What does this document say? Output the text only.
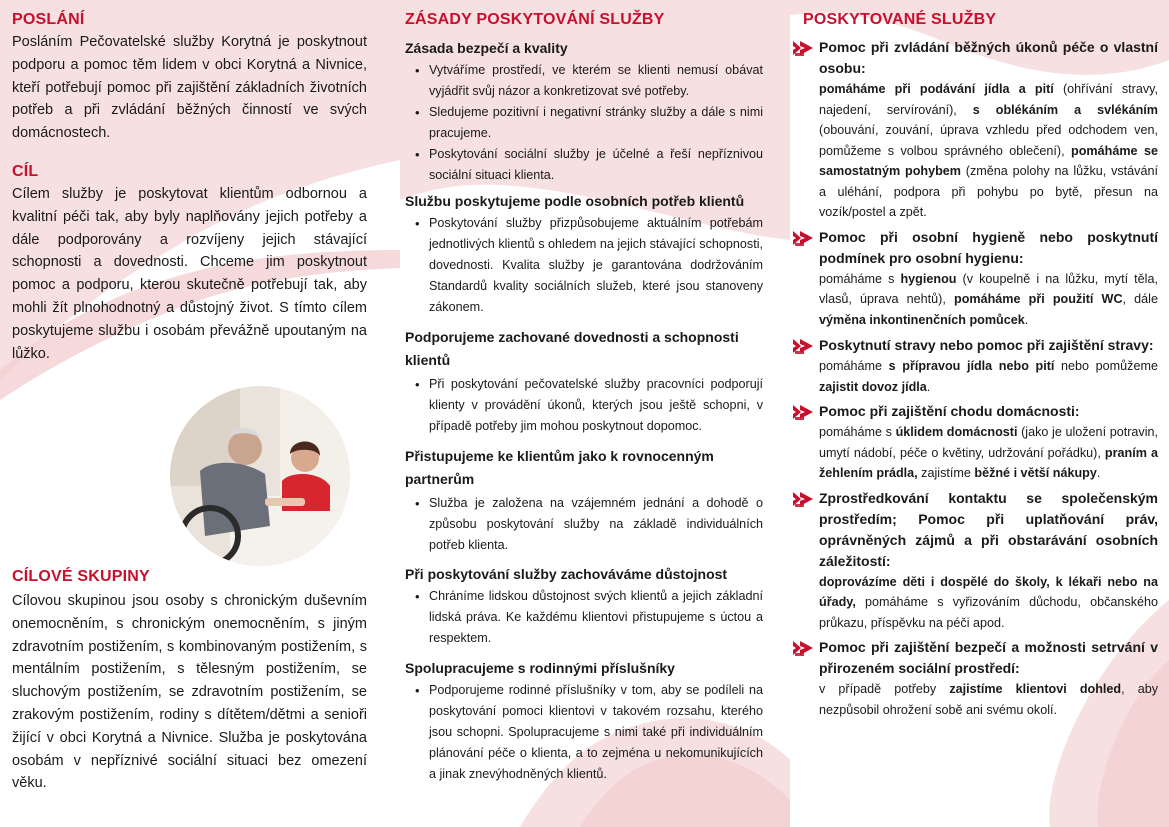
POSLÁNÍ

Posláním Pečovatelské služby Korytná je poskytnout podporu a pomoc těm lidem v obci Korytná a Nivnice, kteří potřebují pomoc při zajištění základních životních potřeb a při zvládání běžných činností ve svých domácnostech.

CÍL

Cílem služby je poskytovat klientům odbornou a kvalitní péči tak, aby byly naplňovány jejich potřeby a dále podporovány a rozvíjeny jejich stávající schopnosti a dovednosti. Chceme jim poskytnout pomoc a podporu, kterou skutečně potřebují tak, aby mohli žít plnohodnotný a důstojný život. S tímto cílem poskytujeme službu i osobám převážně upoutaným na lůžko.

CÍLOVÉ SKUPINY

Cílovou skupinou jsou osoby s chronickým duševním onemocněním, s chronickým onemocněním, s jiným zdravotním postižením, s kombinovaným postižením, s mentálním postižením, s tělesným postižením, se sluchovým postižením, se zdravotním postižením, se zrakovým postižením, rodiny s dítětem/dětmi a senioři žijící v obci Korytná a Nivnice. Služba je poskytována osobám v nepříznivé sociální situaci bez omezení věku.

ZÁSADY POSKYTOVÁNÍ SLUŽBY

Zásada bezpečí a kvality

• Vytváříme prostředí, ve kterém se klienti nemusí obávat vyjádřit svůj názor a konkretizovat své potřeby.
• Sledujeme pozitivní i negativní stránky služby a dále s nimi pracujeme.
• Poskytování sociální služby je účelné a řeší nepříznivou sociální situaci klienta.

Službu poskytujeme podle osobních potřeb klientů

• Poskytování služby přizpůsobujeme aktuálním potřebám jednotlivých klientů s ohledem na jejich stávající schopnosti, dovednosti. Kvalita služby je garantována dodržováním Standardů kvality sociálních služeb, které jsou stanoveny zákonem.

Podporujeme zachované dovednosti a schopnosti klientů

• Při poskytování pečovatelské služby pracovníci podporují klienty v provádění úkonů, kterých jsou ještě schopni, v případě potřeby jim mohou poskytnout dopomoc.

Přistupujeme ke klientům jako k rovnocenným partnerům

• Služba je založena na vzájemném jednání a dohodě o způsobu poskytování služby na základě individuálních potřeb klienta.

Při poskytování služby zachováváme důstojnost

• Chráníme lidskou důstojnost svých klientů a jejich základní lidská práva. Ke každému klientovi přistupujeme s úctou a respektem.

Spolupracujeme s rodinnými příslušníky

• Podporujeme rodinné příslušníky v tom, aby se podíleli na poskytování pomoci klientovi v takovém rozsahu, kterého jsou schopni. Spolupracujeme s nimi také při individuálním plánování péče o klienta, a to zejména u nekomunikujících a jinak znevýhodněných klientů.
POSKYTOVANÉ SLUŽBY

Pomoc při zvládání běžných úkonů péče o vlastní osobu:

pomáháme při podávání jídla a pití (ohřívání stravy, najedení, servírování), s oblékáním a svlékáním (obouvání, zouvání, úprava vzhledu před odchodem ven, pomůžeme s volbou správného oblečení), pomáháme se samostatným pohybem (změna polohy na lůžku, vstávání a uléhání, podpora při pohybu po bytě, přesun na vozík/postel a zpět.

Pomoc při osobní hygieně nebo poskytnutí podmínek pro osobní hygienu:

pomáháme s hygienou (v koupelně i na lůžku, mytí těla, vlasů, úprava nehtů), pomáháme při použití WC, dále výměna inkontinenčních pomůcek.

Poskytnutí stravy nebo pomoc při zajištění stravy:

pomáháme s přípravou jídla nebo pití nebo pomůžeme zajistit dovoz jídla.

Pomoc při zajištění chodu domácnosti:

pomáháme s úklidem domácnosti (jako je uložení potravin, umytí nádobí, péče o květiny, udržování pořádku), praním a žehlením prádla, zajistíme běžné i větší nákupy.

Zprostředkování kontaktu se společenským prostředím; Pomoc při uplatňování práv, oprávněných zájmů a při obstarávání osobních záležitostí:

doprovázíme děti i dospělé do školy, k lékaři nebo na úřady, pomáháme s vyřizováním důchodu, občanského průkazu, příspěvku na péči apod.

Pomoc při zajištění bezpečí a možnosti setrvání v přirozeném sociální prostředí:

v případě potřeby zajistíme klientovi dohled, aby nezpůsobil ohrožení sobě ani svému okolí.
